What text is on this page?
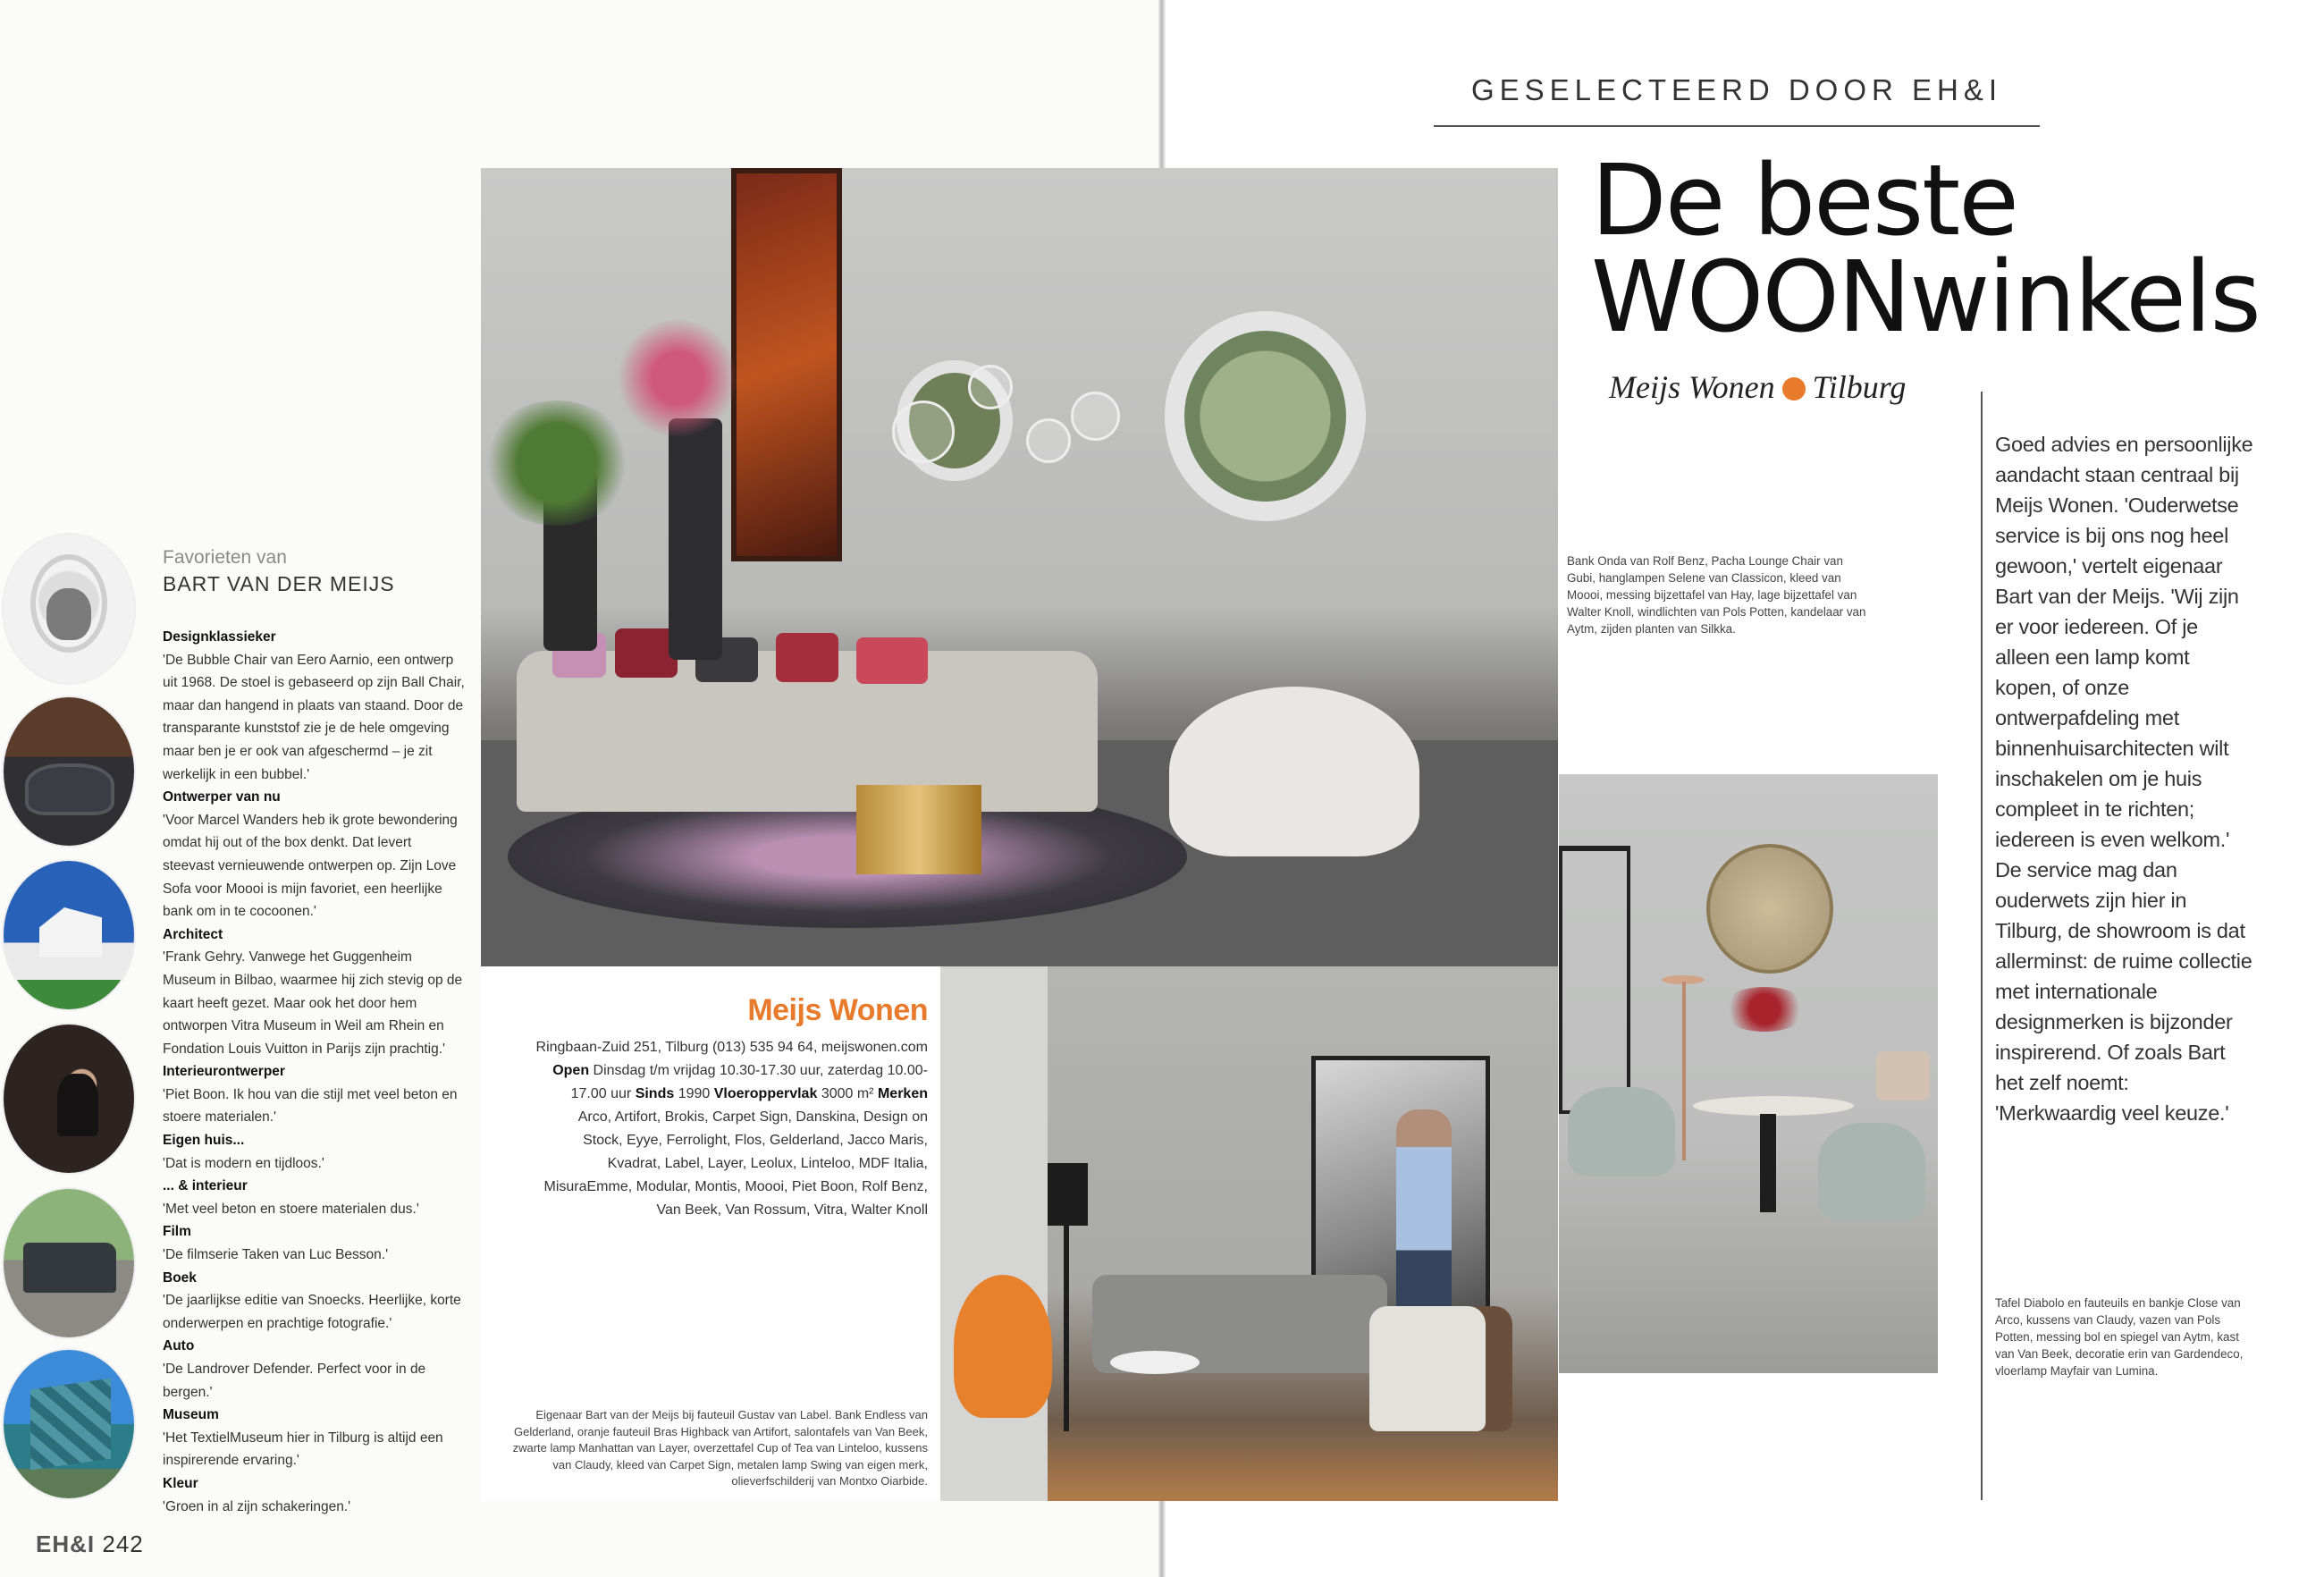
Favorieten van
BART VAN DER MEIJS
Designklassieker
'De Bubble Chair van Eero Aarnio, een ontwerp uit 1968. De stoel is gebaseerd op zijn Ball Chair, maar dan hangend in plaats van staand. Door de transparante kunststof zie je de hele omgeving maar ben je er ook van afgeschermd – je zit werkelijk in een bubbel.'
Ontwerper van nu
'Voor Marcel Wanders heb ik grote bewondering omdat hij out of the box denkt. Dat levert steevast vernieuwende ontwerpen op. Zijn Love Sofa voor Moooi is mijn favoriet, een heerlijke bank om in te cocoonen.'
Architect
'Frank Gehry. Vanwege het Guggenheim Museum in Bilbao, waarmee hij zich stevig op de kaart heeft gezet. Maar ook het door hem ontworpen Vitra Museum in Weil am Rhein en Fondation Louis Vuitton in Parijs zijn prachtig.'
Interieurontwerper
'Piet Boon. Ik hou van die stijl met veel beton en stoere materialen.'
Eigen huis...
'Dat is modern en tijdloos.'
... & interieur
'Met veel beton en stoere materialen dus.'
Film
'De filmserie Taken van Luc Besson.'
Boek
'De jaarlijkse editie van Snoecks. Heerlijke, korte onderwerpen en prachtige fotografie.'
Auto
'De Landrover Defender. Perfect voor in de bergen.'
Museum
'Het TextielMuseum hier in Tilburg is altijd een inspirerende ervaring.'
Kleur
'Groen in al zijn schakeringen.'
Meijs Wonen
Ringbaan-Zuid 251, Tilburg (013) 535 94 64, meijswonen.com Open Dinsdag t/m vrijdag 10.30-17.30 uur, zaterdag 10.00-17.00 uur Sinds 1990 Vloeroppervlak 3000 m² Merken Arco, Artifort, Brokis, Carpet Sign, Danskina, Design on Stock, Eyye, Ferrolight, Flos, Gelderland, Jacco Maris, Kvadrat, Label, Layer, Leolux, Linteloo, MDF Italia, MisuraEmme, Modular, Montis, Moooi, Piet Boon, Rolf Benz, Van Beek, Van Rossum, Vitra, Walter Knoll
Eigenaar Bart van der Meijs bij fauteuil Gustav van Label. Bank Endless van Gelderland, oranje fauteuil Bras Highback van Artifort, salontafels van Van Beek, zwarte lamp Manhattan van Layer, overzettafel Cup of Tea van Linteloo, kussens van Claudy, kleed van Carpet Sign, metalen lamp Swing van eigen merk, olieverfschilderij van Montxo Oiarbide.
GESELECTEERD DOOR EH&I
De beste
WOONwinkels
Meijs Wonen Tilburg
Goed advies en persoonlijke aandacht staan centraal bij Meijs Wonen. 'Ouderwetse service is bij ons nog heel gewoon,' vertelt eigenaar Bart van der Meijs. 'Wij zijn er voor iedereen. Of je alleen een lamp komt kopen, of onze ontwerpafdeling met binnenhuisarchitecten wilt inschakelen om je huis compleet in te richten; iedereen is even welkom.' De service mag dan ouderwets zijn hier in Tilburg, de showroom is dat allerminst: de ruime collectie met internationale designmerken is bijzonder inspirerend. Of zoals Bart het zelf noemt: 'Merkwaardig veel keuze.'
Bank Onda van Rolf Benz, Pacha Lounge Chair van Gubi, hanglampen Selene van Classicon, kleed van Moooi, messing bijzettafel van Hay, lage bijzettafel van Walter Knoll, windlichten van Pols Potten, kandelaar van Aytm, zijden planten van Silkka.
Tafel Diabolo en fauteuils en bankje Close van Arco, kussens van Claudy, vazen van Pols Potten, messing bol en spiegel van Aytm, kast van Van Beek, decoratie erin van Gardendeco, vloerlamp Mayfair van Lumina.
EH&I 242
